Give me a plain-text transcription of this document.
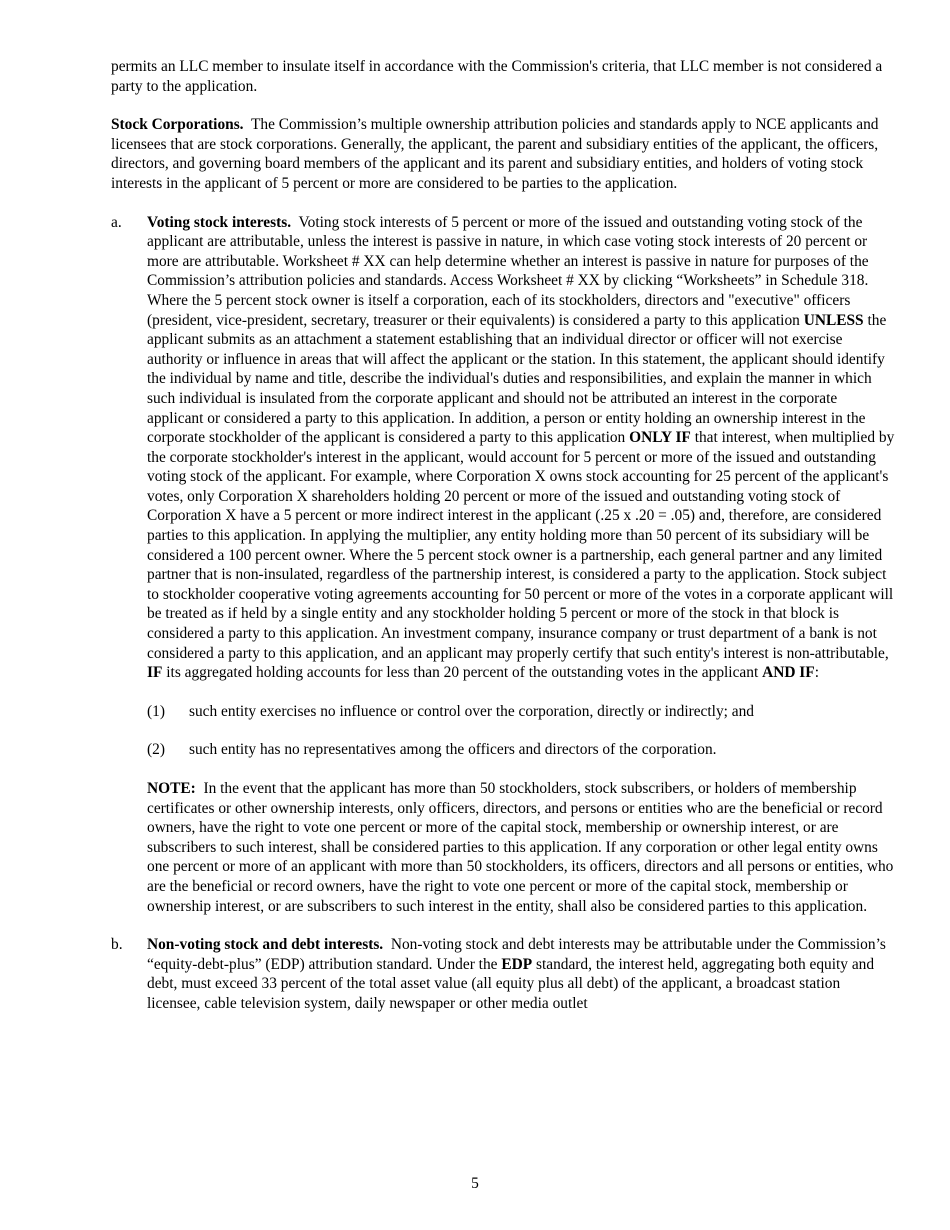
permits an LLC member to insulate itself in accordance with the Commission's criteria, that LLC member is not considered a party to the application.

Stock Corporations. The Commission’s multiple ownership attribution policies and standards apply to NCE applicants and licensees that are stock corporations. Generally, the applicant, the parent and subsidiary entities of the applicant, the officers, directors, and governing board members of the applicant and its parent and subsidiary entities, and holders of voting stock interests in the applicant of 5 percent or more are considered to be parties to the application.

a. Voting stock interests. Voting stock interests of 5 percent or more of the issued and outstanding voting stock of the applicant are attributable, unless the interest is passive in nature, in which case voting stock interests of 20 percent or more are attributable. Worksheet # XX can help determine whether an interest is passive in nature for purposes of the Commission’s attribution policies and standards. Access Worksheet # XX by clicking “Worksheets” in Schedule 318. Where the 5 percent stock owner is itself a corporation, each of its stockholders, directors and "executive" officers (president, vice-president, secretary, treasurer or their equivalents) is considered a party to this application UNLESS the applicant submits as an attachment a statement establishing that an individual director or officer will not exercise authority or influence in areas that will affect the applicant or the station. In this statement, the applicant should identify the individual by name and title, describe the individual's duties and responsibilities, and explain the manner in which such individual is insulated from the corporate applicant and should not be attributed an interest in the corporate applicant or considered a party to this application. In addition, a person or entity holding an ownership interest in the corporate stockholder of the applicant is considered a party to this application ONLY IF that interest, when multiplied by the corporate stockholder's interest in the applicant, would account for 5 percent or more of the issued and outstanding voting stock of the applicant. For example, where Corporation X owns stock accounting for 25 percent of the applicant's votes, only Corporation X shareholders holding 20 percent or more of the issued and outstanding voting stock of Corporation X have a 5 percent or more indirect interest in the applicant (.25 x .20 = .05) and, therefore, are considered parties to this application. In applying the multiplier, any entity holding more than 50 percent of its subsidiary will be considered a 100 percent owner. Where the 5 percent stock owner is a partnership, each general partner and any limited partner that is non-insulated, regardless of the partnership interest, is considered a party to the application. Stock subject to stockholder cooperative voting agreements accounting for 50 percent or more of the votes in a corporate applicant will be treated as if held by a single entity and any stockholder holding 5 percent or more of the stock in that block is considered a party to this application. An investment company, insurance company or trust department of a bank is not considered a party to this application, and an applicant may properly certify that such entity's interest is non-attributable, IF its aggregated holding accounts for less than 20 percent of the outstanding votes in the applicant AND IF:

(1) such entity exercises no influence or control over the corporation, directly or indirectly; and

(2) such entity has no representatives among the officers and directors of the corporation.

NOTE: In the event that the applicant has more than 50 stockholders, stock subscribers, or holders of membership certificates or other ownership interests, only officers, directors, and persons or entities who are the beneficial or record owners, have the right to vote one percent or more of the capital stock, membership or ownership interest, or are subscribers to such interest, shall be considered parties to this application. If any corporation or other legal entity owns one percent or more of an applicant with more than 50 stockholders, its officers, directors and all persons or entities, who are the beneficial or record owners, have the right to vote one percent or more of the capital stock, membership or ownership interest, or are subscribers to such interest in the entity, shall also be considered parties to this application.

b. Non-voting stock and debt interests. Non-voting stock and debt interests may be attributable under the Commission’s “equity-debt-plus” (EDP) attribution standard. Under the EDP standard, the interest held, aggregating both equity and debt, must exceed 33 percent of the total asset value (all equity plus all debt) of the applicant, a broadcast station licensee, cable television system, daily newspaper or other media outlet

5
